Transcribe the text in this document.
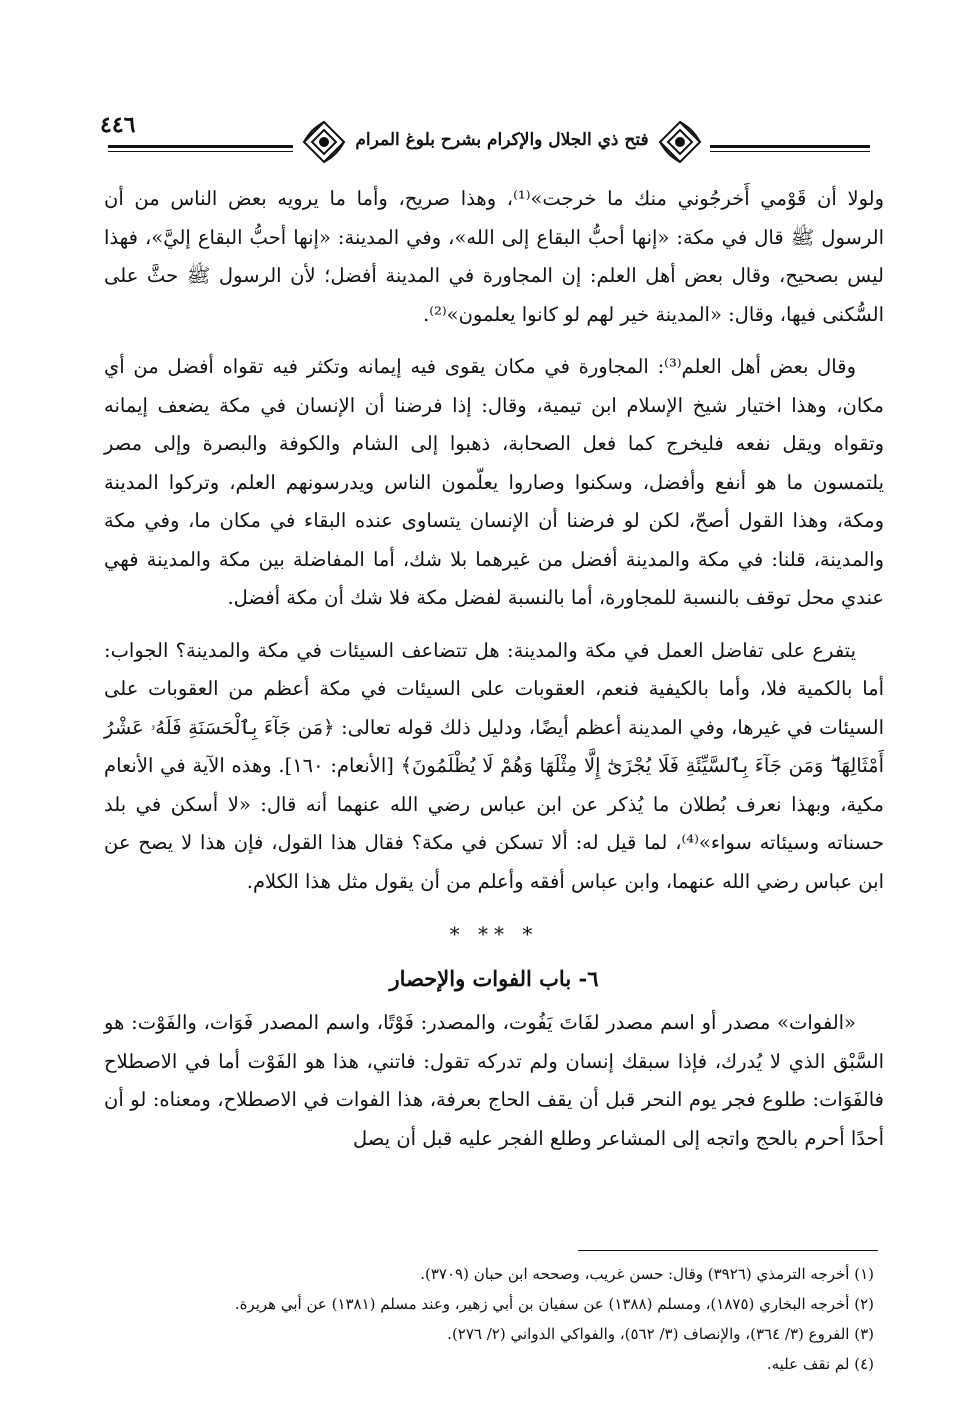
٤٤٦
فتح ذي الجلال والإكرام بشرح بلوغ المرام

ولولا أن قَوْمي أَخرجُوني منك ما خرجت»⁽¹⁾، وهذا صريح، وأما ما يرويه بعض الناس من أن الرسول ﷺ قال في مكة: «إنها أحبُّ البقاع إلى الله»، وفي المدينة: «إنها أحبُّ البقاع إليَّ»، فهذا ليس بصحيح، وقال بعض أهل العلم: إن المجاورة في المدينة أفضل؛ لأن الرسول ﷺ حثَّ على السُّكنى فيها، وقال: «المدينة خير لهم لو كانوا يعلمون»⁽²⁾.

وقال بعض أهل العلم⁽³⁾: المجاورة في مكان يقوى فيه إيمانه وتكثر فيه تقواه أفضل من أي مكان، وهذا اختيار شيخ الإسلام ابن تيمية، وقال: إذا فرضنا أن الإنسان في مكة يضعف إيمانه وتقواه ويقل نفعه فليخرج كما فعل الصحابة، ذهبوا إلى الشام والكوفة والبصرة وإلى مصر يلتمسون ما هو أنفع وأفضل، وسكنوا وصاروا يعلّمون الناس ويدرسونهم العلم، وتركوا المدينة ومكة، وهذا القول أصحّ، لكن لو فرضنا أن الإنسان يتساوى عنده البقاء في مكان ما، وفي مكة والمدينة، قلنا: في مكة والمدينة أفضل من غيرهما بلا شك، أما المفاضلة بين مكة والمدينة فهي عندي محل توقف بالنسبة للمجاورة، أما بالنسبة لفضل مكة فلا شك أن مكة أفضل.

يتفرع على تفاضل العمل في مكة والمدينة: هل تتضاعف السيئات في مكة والمدينة؟ الجواب: أما بالكمية فلا، وأما بالكيفية فنعم، العقوبات على السيئات في مكة أعظم من العقوبات على السيئات في غيرها، وفي المدينة أعظم أيضًا، ودليل ذلك قوله تعالى: ﴿مَن جَآءَ بِٱلْحَسَنَةِ فَلَهُۥ عَشْرُ أَمْثَالِهَا ۖ وَمَن جَآءَ بِٱلسَّيِّئَةِ فَلَا يُجْزَىٰٓ إِلَّا مِثْلَهَا وَهُمْ لَا يُظْلَمُونَ﴾ [الأنعام: ١٦٠]. وهذه الآية في الأنعام مكية، وبهذا نعرف بُطلان ما يُذكر عن ابن عباس رضي الله عنهما أنه قال: «لا أسكن في بلد حسناته وسيئاته سواء»⁽⁴⁾، لما قيل له: ألا تسكن في مكة؟ فقال هذا القول، فإن هذا لا يصح عن ابن عباس رضي الله عنهما، وابن عباس أفقه وأعلم من أن يقول مثل هذا الكلام.

* ** *
٦- باب الفوات والإحصار

«الفوات» مصدر أو اسم مصدر لفَاتَ يَفُوت، والمصدر: فَوْتًا، واسم المصدر فَوَات، والفَوْت: هو السَّبْق الذي لا يُدرك، فإذا سبقك إنسان ولم تدركه تقول: فاتني، هذا هو الفَوْت أما في الاصطلاح فالفَوَات: طلوع فجر يوم النحر قبل أن يقف الحاج بعرفة، هذا الفوات في الاصطلاح، ومعناه: لو أن أحدًا أحرم بالحج واتجه إلى المشاعر وطلع الفجر عليه قبل أن يصل

(١) أخرجه الترمذي (٣٩٢٦) وقال: حسن غريب، وصححه ابن حبان (٣٧٠٩).
(٢) أخرجه البخاري (١٨٧٥)، ومسلم (١٣٨٨) عن سفيان بن أبي زهير، وعند مسلم (١٣٨١) عن أبي هريرة.
(٣) الفروع (٣/ ٣٦٤)، والإنصاف (٣/ ٥٦٢)، والفواكي الدواني (٢/ ٢٧٦).
(٤) لم نقف عليه.
